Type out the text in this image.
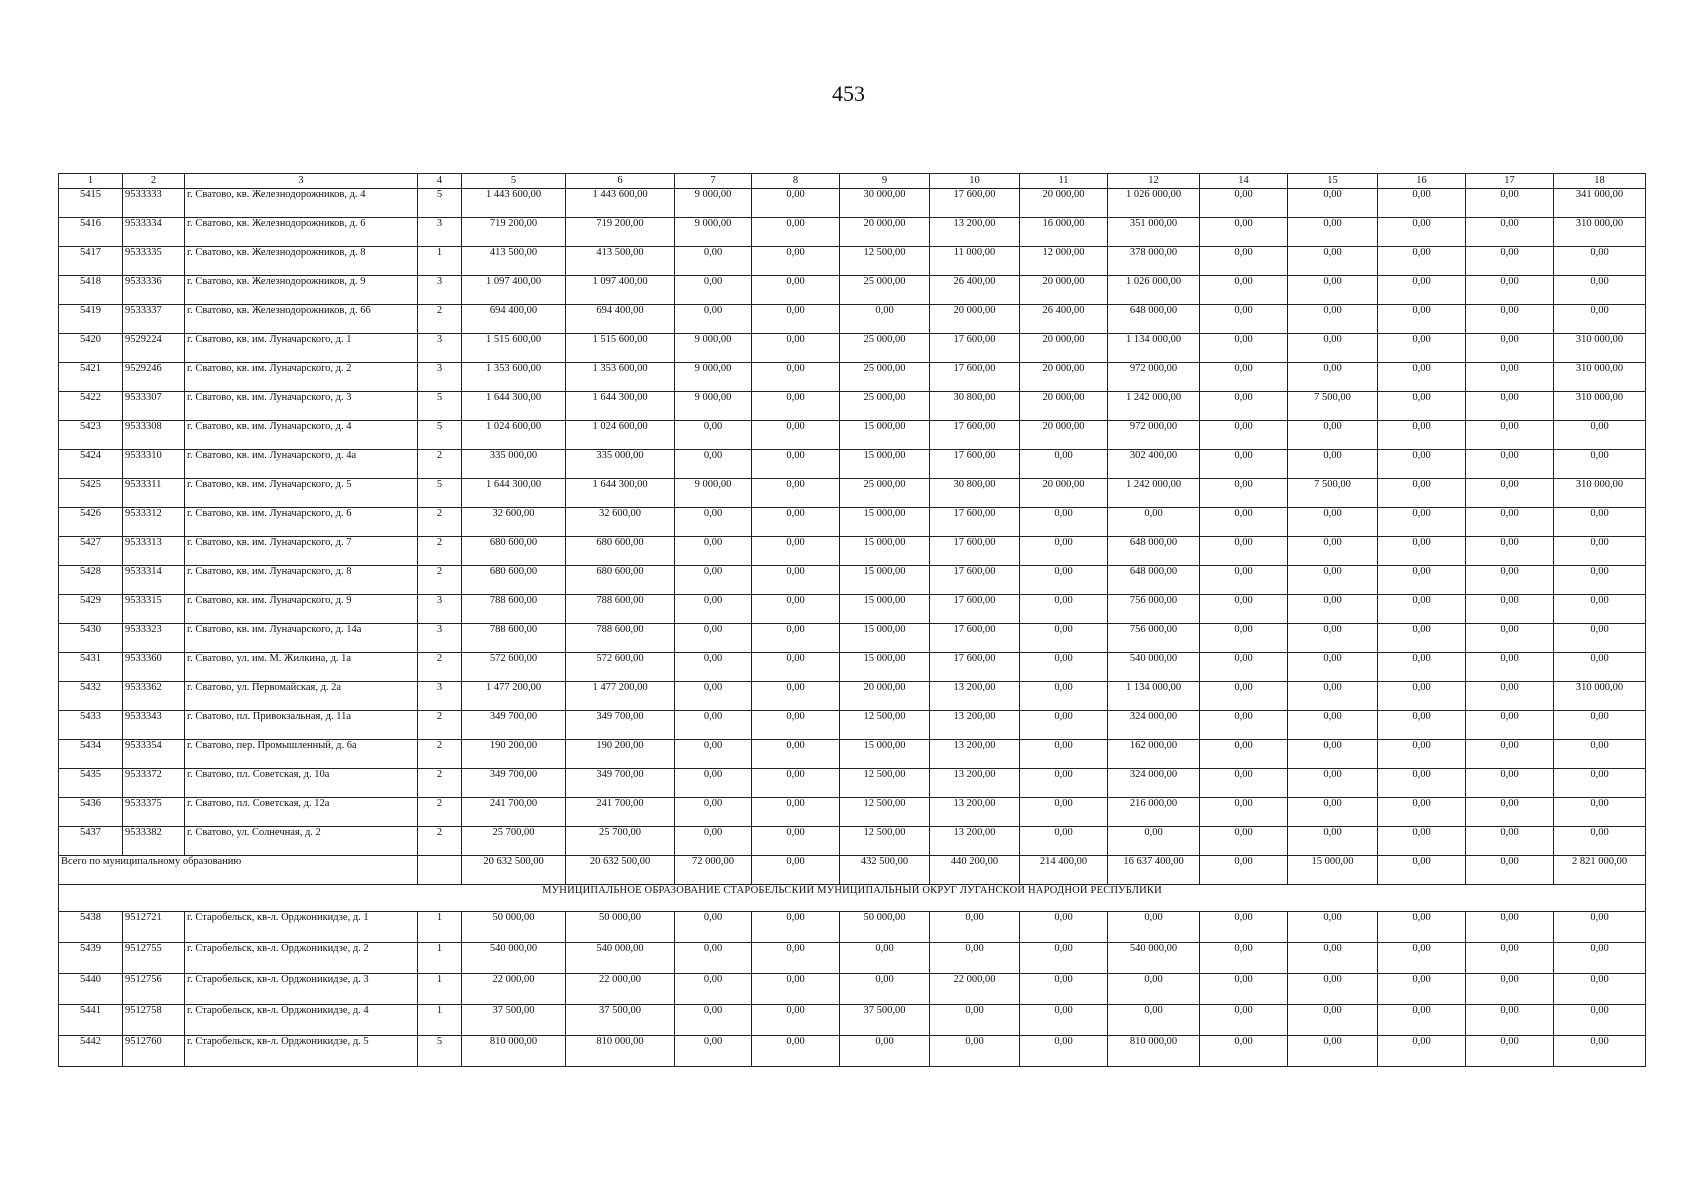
453
1	2	3	4	5	6	7	8	9	10	11	12	14	15	16	17	18
5415	9533333	г. Сватово, кв. Железнодорожников, д. 4	5	1 443 600,00	1 443 600,00	9 000,00	0,00	30 000,00	17 600,00	20 000,00	1 026 000,00	0,00	0,00	0,00	0,00	341 000,00
5416	9533334	г. Сватово, кв. Железнодорожников, д. 6	3	719 200,00	719 200,00	9 000,00	0,00	20 000,00	13 200,00	16 000,00	351 000,00	0,00	0,00	0,00	0,00	310 000,00
5417	9533335	г. Сватово, кв. Железнодорожников, д. 8	1	413 500,00	413 500,00	0,00	0,00	12 500,00	11 000,00	12 000,00	378 000,00	0,00	0,00	0,00	0,00	0,00
5418	9533336	г. Сватово, кв. Железнодорожников, д. 9	3	1 097 400,00	1 097 400,00	0,00	0,00	25 000,00	26 400,00	20 000,00	1 026 000,00	0,00	0,00	0,00	0,00	0,00
5419	9533337	г. Сватово, кв. Железнодорожников, д. 66	2	694 400,00	694 400,00	0,00	0,00	0,00	20 000,00	26 400,00	648 000,00	0,00	0,00	0,00	0,00	0,00
5420	9529224	г. Сватово, кв. им. Луначарского, д. 1	3	1 515 600,00	1 515 600,00	9 000,00	0,00	25 000,00	17 600,00	20 000,00	1 134 000,00	0,00	0,00	0,00	0,00	310 000,00
5421	9529246	г. Сватово, кв. им. Луначарского, д. 2	3	1 353 600,00	1 353 600,00	9 000,00	0,00	25 000,00	17 600,00	20 000,00	972 000,00	0,00	0,00	0,00	0,00	310 000,00
5422	9533307	г. Сватово, кв. им. Луначарского, д. 3	5	1 644 300,00	1 644 300,00	9 000,00	0,00	25 000,00	30 800,00	20 000,00	1 242 000,00	0,00	7 500,00	0,00	0,00	310 000,00
5423	9533308	г. Сватово, кв. им. Луначарского, д. 4	5	1 024 600,00	1 024 600,00	0,00	0,00	15 000,00	17 600,00	20 000,00	972 000,00	0,00	0,00	0,00	0,00	0,00
5424	9533310	г. Сватово, кв. им. Луначарского, д. 4а	2	335 000,00	335 000,00	0,00	0,00	15 000,00	17 600,00	0,00	302 400,00	0,00	0,00	0,00	0,00	0,00
5425	9533311	г. Сватово, кв. им. Луначарского, д. 5	5	1 644 300,00	1 644 300,00	9 000,00	0,00	25 000,00	30 800,00	20 000,00	1 242 000,00	0,00	7 500,00	0,00	0,00	310 000,00
5426	9533312	г. Сватово, кв. им. Луначарского, д. 6	2	32 600,00	32 600,00	0,00	0,00	15 000,00	17 600,00	0,00	0,00	0,00	0,00	0,00	0,00	0,00
5427	9533313	г. Сватово, кв. им. Луначарского, д. 7	2	680 600,00	680 600,00	0,00	0,00	15 000,00	17 600,00	0,00	648 000,00	0,00	0,00	0,00	0,00	0,00
5428	9533314	г. Сватово, кв. им. Луначарского, д. 8	2	680 600,00	680 600,00	0,00	0,00	15 000,00	17 600,00	0,00	648 000,00	0,00	0,00	0,00	0,00	0,00
5429	9533315	г. Сватово, кв. им. Луначарского, д. 9	3	788 600,00	788 600,00	0,00	0,00	15 000,00	17 600,00	0,00	756 000,00	0,00	0,00	0,00	0,00	0,00
5430	9533323	г. Сватово, кв. им. Луначарского, д. 14а	3	788 600,00	788 600,00	0,00	0,00	15 000,00	17 600,00	0,00	756 000,00	0,00	0,00	0,00	0,00	0,00
5431	9533360	г. Сватово, ул. им. М. Жилкина, д. 1а	2	572 600,00	572 600,00	0,00	0,00	15 000,00	17 600,00	0,00	540 000,00	0,00	0,00	0,00	0,00	0,00
5432	9533362	г. Сватово, ул. Первомайская, д. 2а	3	1 477 200,00	1 477 200,00	0,00	0,00	20 000,00	13 200,00	0,00	1 134 000,00	0,00	0,00	0,00	0,00	310 000,00
5433	9533343	г. Сватово, пл. Привокзальная, д. 11а	2	349 700,00	349 700,00	0,00	0,00	12 500,00	13 200,00	0,00	324 000,00	0,00	0,00	0,00	0,00	0,00
5434	9533354	г. Сватово, пер. Промышленный, д. 6а	2	190 200,00	190 200,00	0,00	0,00	15 000,00	13 200,00	0,00	162 000,00	0,00	0,00	0,00	0,00	0,00
5435	9533372	г. Сватово, пл. Советская, д. 10а	2	349 700,00	349 700,00	0,00	0,00	12 500,00	13 200,00	0,00	324 000,00	0,00	0,00	0,00	0,00	0,00
5436	9533375	г. Сватово, пл. Советская, д. 12а	2	241 700,00	241 700,00	0,00	0,00	12 500,00	13 200,00	0,00	216 000,00	0,00	0,00	0,00	0,00	0,00
5437	9533382	г. Сватово, ул. Солнечная, д. 2	2	25 700,00	25 700,00	0,00	0,00	12 500,00	13 200,00	0,00	0,00	0,00	0,00	0,00	0,00	0,00
Всего по муниципальному образованию				20 632 500,00	20 632 500,00	72 000,00	0,00	432 500,00	440 200,00	214 400,00	16 637 400,00	0,00	15 000,00	0,00	0,00	2 821 000,00
МУНИЦИПАЛЬНОЕ ОБРАЗОВАНИЕ СТАРОБЕЛЬСКИЙ МУНИЦИПАЛЬНЫЙ ОКРУГ ЛУГАНСКОЙ НАРОДНОЙ РЕСПУБЛИКИ																
5438	9512721	г. Старобельск, кв-л. Орджоникидзе, д. 1	1	50 000,00	50 000,00	0,00	0,00	50 000,00	0,00	0,00	0,00	0,00	0,00	0,00	0,00	0,00
5439	9512755	г. Старобельск, кв-л. Орджоникидзе, д. 2	1	540 000,00	540 000,00	0,00	0,00	0,00	0,00	0,00	540 000,00	0,00	0,00	0,00	0,00	0,00
5440	9512756	г. Старобельск, кв-л. Орджоникидзе, д. 3	1	22 000,00	22 000,00	0,00	0,00	0,00	22 000,00	0,00	0,00	0,00	0,00	0,00	0,00	0,00
5441	9512758	г. Старобельск, кв-л. Орджоникидзе, д. 4	1	37 500,00	37 500,00	0,00	0,00	37 500,00	0,00	0,00	0,00	0,00	0,00	0,00	0,00	0,00
5442	9512760	г. Старобельск, кв-л. Орджоникидзе, д. 5	5	810 000,00	810 000,00	0,00	0,00	0,00	0,00	0,00	810 000,00	0,00	0,00	0,00	0,00	0,00
